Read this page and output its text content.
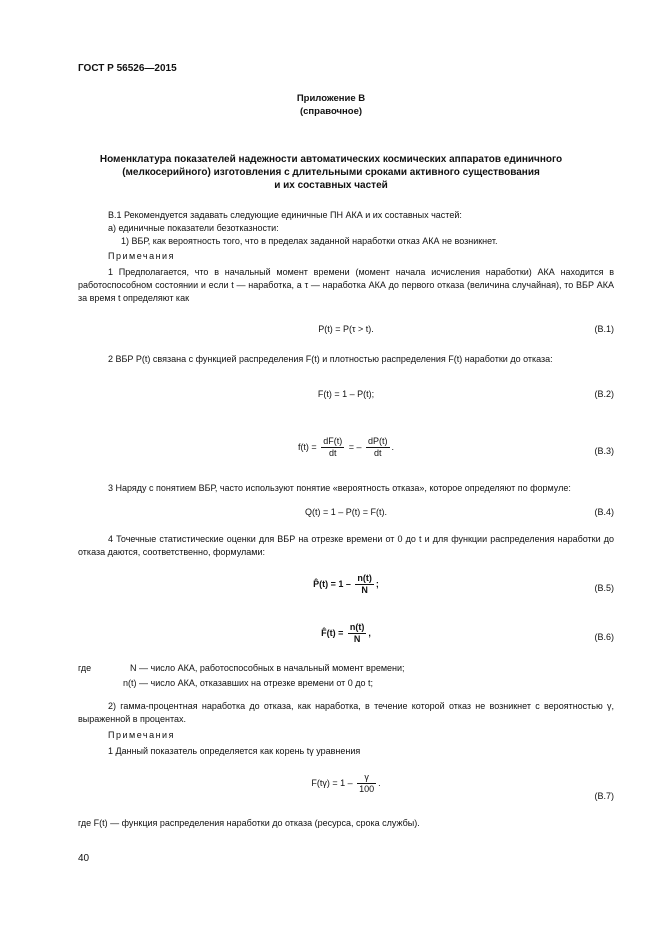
ГОСТ Р 56526—2015
Приложение В
(справочное)
Номенклатура показателей надежности автоматических космических аппаратов единичного
(мелкосерийного) изготовления с длительными сроками активного существования
и их составных частей
В.1 Рекомендуется задавать следующие единичные ПН АКА и их составных частей:
а) единичные показатели безотказности:
1) ВБР, как вероятность того, что в пределах заданной наработки отказ АКА не возникнет.
Примечания
1 Предполагается, что в начальный момент времени (момент начала исчисления наработки) АКА находится в работоспособном состоянии и если t — наработка, а τ — наработка АКА до первого отказа (величина случайная), то ВБР АКА за время t определяют как
P(t) = P(τ > t).	(В.1)
2 ВБР P(t) связана с функцией распределения F(t) и плотностью распределения F(t) наработки до отказа:
F(t) = 1 – P(t);	(В.2)
$f(t) = \frac{dF(t)}{dt}$ = – $\frac{dP(t)}{dt}$ .	(В.3)
3 Наряду с понятием ВБР, часто используют понятие «вероятность отказа», которое определяют по формуле:
Q(t) = 1 – P(t) = F(t).	(В.4)
4 Точечные статистические оценки для ВБР на отрезке времени от 0 до t и для функции распределения наработки до отказа даются, соответственно, формулами:
P̂(t) = $1 - \frac{n(t)}{N}$ ;	(В.5)
F̂(t) = $\frac{n(t)}{N}$ ,	(В.6)
где	N — число АКА, работоспособных в начальный момент времени;
n(t) — число АКА, отказавших на отрезке времени от 0 до t;
2) гамма-процентная наработка до отказа, как наработка, в течение которой отказ не возникнет с вероятностью γ, выраженной в процентах.
Примечания
1 Данный показатель определяется как корень tγ уравнения
$F(t\gamma) = 1 - \frac{\gamma}{100}$ .
(В.7)
где F(t) — функция распределения наработки до отказа (ресурса, срока службы).
40
